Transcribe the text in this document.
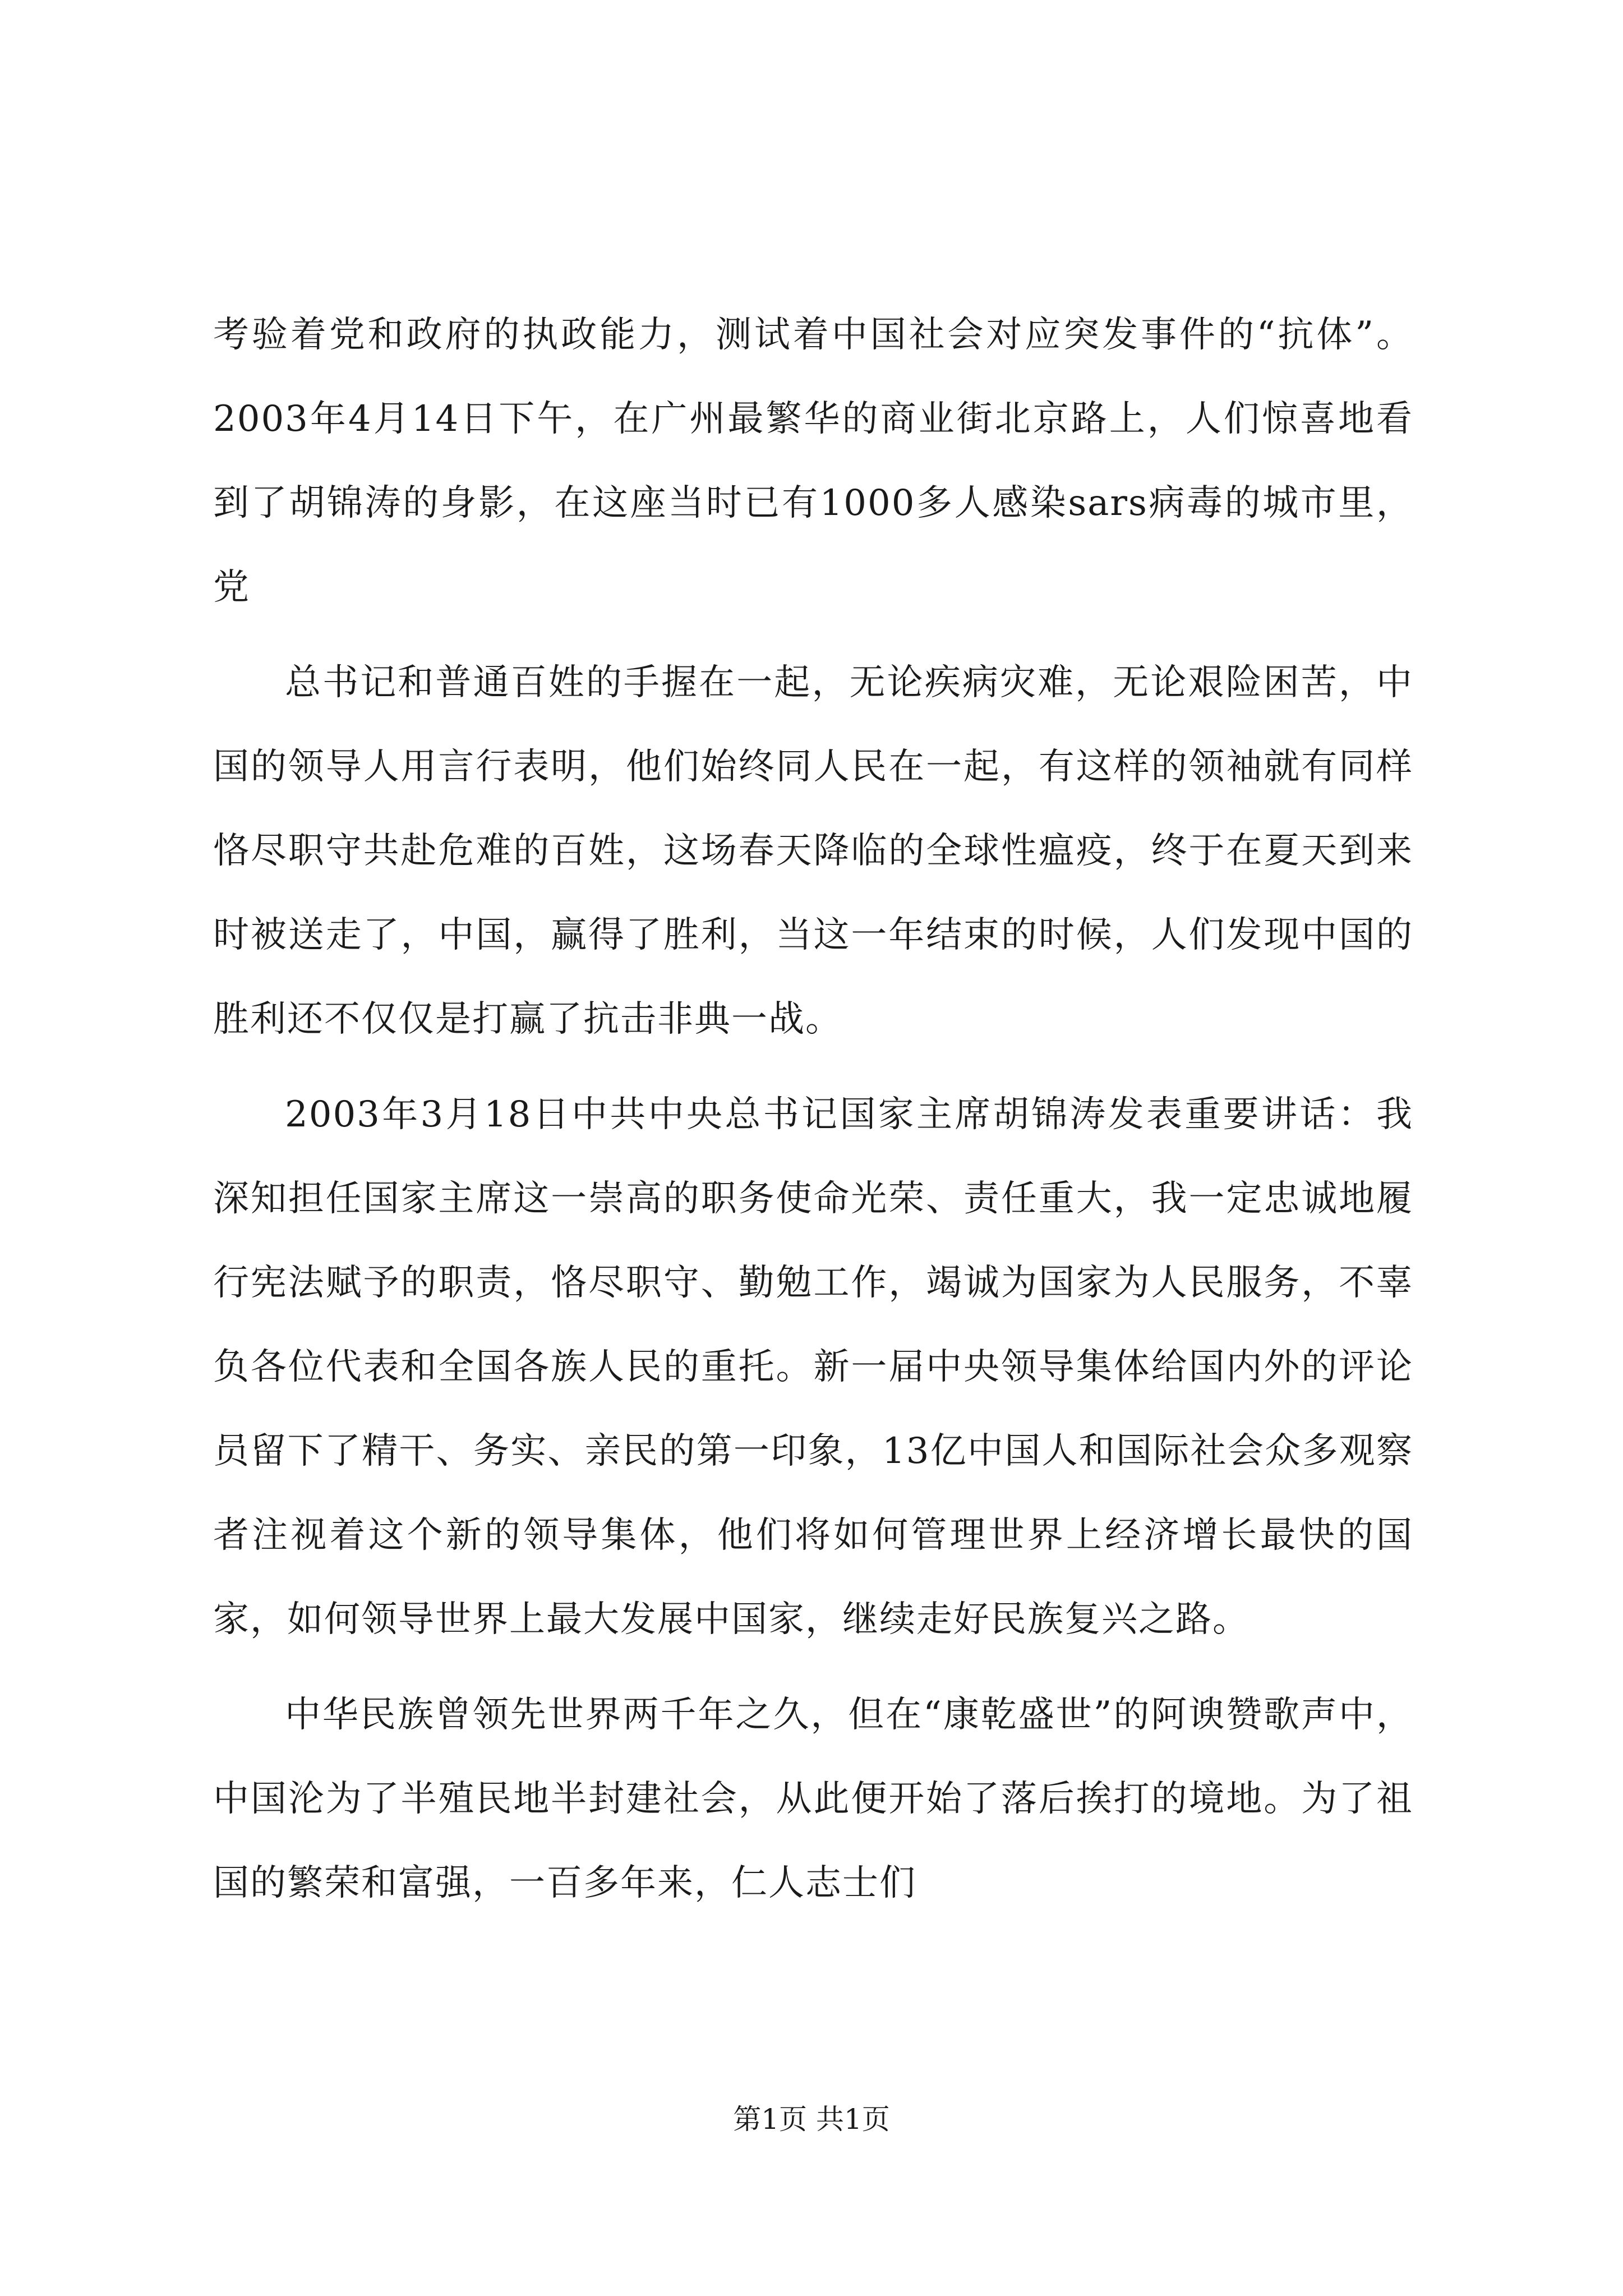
考验着党和政府的执政能力，测试着中国社会对应突发事件的“抗体”。2003年4月14日下午，在广州最繁华的商业街北京路上，人们惊喜地看到了胡锦涛的身影，在这座当时已有1000多人感染sars病毒的城市里，党

总书记和普通百姓的手握在一起，无论疾病灾难，无论艰险困苦，中国的领导人用言行表明，他们始终同人民在一起，有这样的领袖就有同样恪尽职守共赴危难的百姓，这场春天降临的全球性瘟疫，终于在夏天到来时被送走了，中国，赢得了胜利，当这一年结束的时候，人们发现中国的胜利还不仅仅是打赢了抗击非典一战。

2003年3月18日中共中央总书记国家主席胡锦涛发表重要讲话：我深知担任国家主席这一崇高的职务使命光荣、责任重大，我一定忠诚地履行宪法赋予的职责，恪尽职守、勤勉工作，竭诚为国家为人民服务，不辜负各位代表和全国各族人民的重托。新一届中央领导集体给国内外的评论员留下了精干、务实、亲民的第一印象，13亿中国人和国际社会众多观察者注视着这个新的领导集体，他们将如何管理世界上经济增长最快的国家，如何领导世界上最大发展中国家，继续走好民族复兴之路。

中华民族曾领先世界两千年之久，但在“康乾盛世”的阿谀赞歌声中，中国沦为了半殖民地半封建社会，从此便开始了落后挨打的境地。为了祖国的繁荣和富强，一百多年来，仁人志士们

第1页 共1页
